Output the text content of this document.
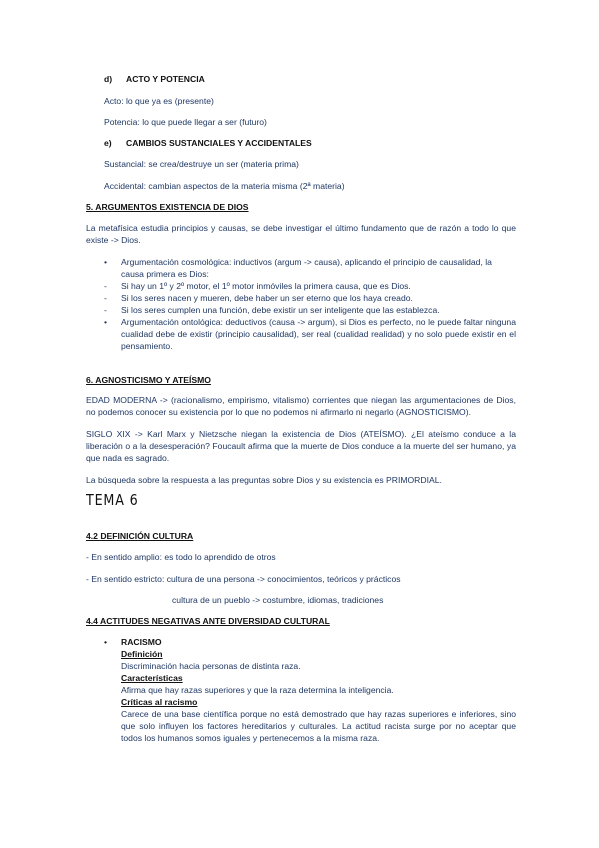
d) ACTO Y POTENCIA
Acto: lo que ya es (presente)
Potencia: lo que puede llegar a ser (futuro)
e) CAMBIOS SUSTANCIALES Y ACCIDENTALES
Sustancial: se crea/destruye un ser (materia prima)
Accidental: cambian aspectos de la materia misma (2ª materia)
5. ARGUMENTOS EXISTENCIA DE DIOS
La metafísica estudia principios y causas, se debe investigar el último fundamento que de razón a todo lo que existe -> Dios.
• Argumentación cosmológica: inductivos (argum -> causa), aplicando el principio de causalidad, la causa primera es Dios:
- Si hay un 1º y 2º motor, el 1º motor inmóviles la primera causa, que es Dios.
- Si los seres nacen y mueren, debe haber un ser eterno que los haya creado.
- Si los seres cumplen una función, debe existir un ser inteligente que las establezca.
• Argumentación ontológica: deductivos (causa -> argum), si Dios es perfecto, no le puede faltar ninguna cualidad debe de existir (principio causalidad), ser real (cualidad realidad) y no solo puede existir en el pensamiento.
6. AGNOSTICISMO Y ATEÍSMO
EDAD MODERNA -> (racionalismo, empirismo, vitalismo) corrientes que niegan las argumentaciones de Dios, no podemos conocer su existencia por lo que no podemos ni afirmarlo ni negarlo (AGNOSTICISMO).
SIGLO XIX -> Karl Marx y Nietzsche niegan la existencia de Dios (ATEÍSMO). ¿El ateísmo conduce a la liberación o a la desesperación? Foucault afirma que la muerte de Dios conduce a la muerte del ser humano, ya que nada es sagrado.
La búsqueda sobre la respuesta a las preguntas sobre Dios y su existencia es PRIMORDIAL.
TEMA 6
4.2 DEFINICIÓN CULTURA
- En sentido amplio: es todo lo aprendido de otros
- En sentido estricto: cultura de una persona -> conocimientos, teóricos y prácticos
cultura de un pueblo -> costumbre, idiomas, tradiciones
4.4 ACTITUDES NEGATIVAS ANTE DIVERSIDAD CULTURAL
• RACISMO
Definición
Discriminación hacia personas de distinta raza.
Características
Afirma que hay razas superiores y que la raza determina la inteligencia.
Críticas al racismo
Carece de una base científica porque no está demostrado que hay razas superiores e inferiores, sino que solo influyen los factores hereditarios y culturales. La actitud racista surge por no aceptar que todos los humanos somos iguales y pertenecemos a la misma raza.
